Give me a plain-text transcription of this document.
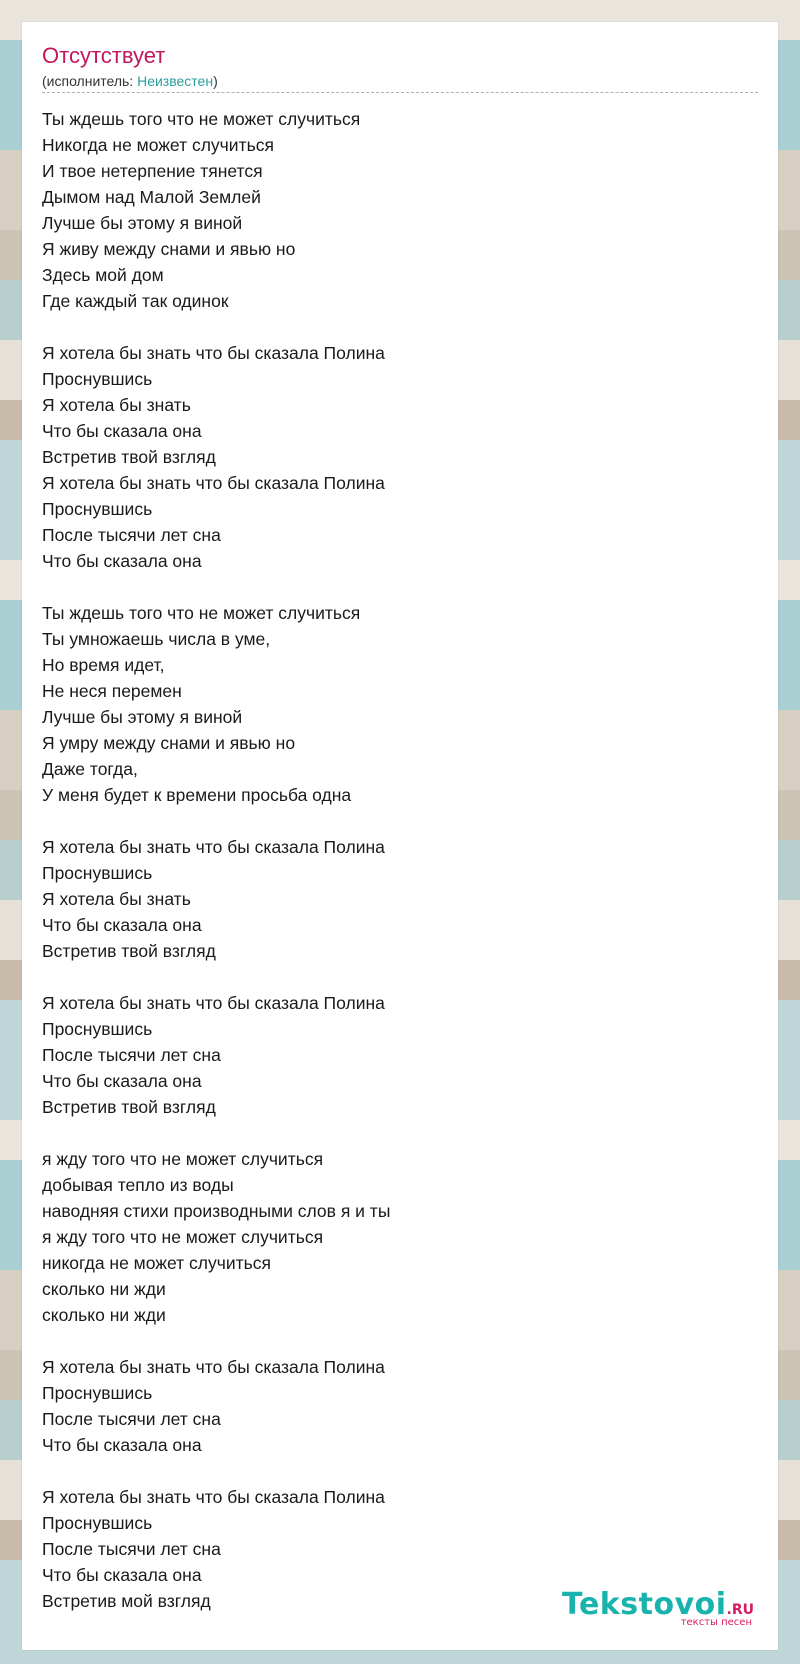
Отсутствует
(исполнитель: Неизвестен)
Ты ждешь того что не может случиться
Никогда не может случиться
И твое нетерпение тянется
Дымом над Малой Землей
Лучше бы этому я виной
Я живу между снами и явью но
Здесь мой дом
Где каждый так одинок
Я хотела бы знать что бы сказала Полина
Проснувшись
Я хотела бы знать
Что бы сказала она
Встретив твой взгляд
Я хотела бы знать что бы сказала Полина
Проснувшись
После тысячи лет сна
Что бы сказала она
Ты ждешь того что не может случиться
Ты умножаешь числа в уме,
Но время идет,
Не неся перемен
Лучше бы этому я виной
Я умру между снами и явью но
Даже тогда,
У меня будет к времени просьба одна
Я хотела бы знать что бы сказала Полина
Проснувшись
Я хотела бы знать
Что бы сказала она
Встретив твой взгляд
Я хотела бы знать что бы сказала Полина
Проснувшись
После тысячи лет сна
Что бы сказала она
Встретив твой взгляд
я жду того что не может случиться
добывая тепло из воды
наводняя стихи производными слов я и ты
я жду того что не может случиться
никогда не может случиться
сколько ни жди
сколько ни жди
Я хотела бы знать что бы сказала Полина
Проснувшись
После тысячи лет сна
Что бы сказала она
Я хотела бы знать что бы сказала Полина
Проснувшись
После тысячи лет сна
Что бы сказала она
Встретив мой взгляд	Tekstovoi.RU
тексты песен
